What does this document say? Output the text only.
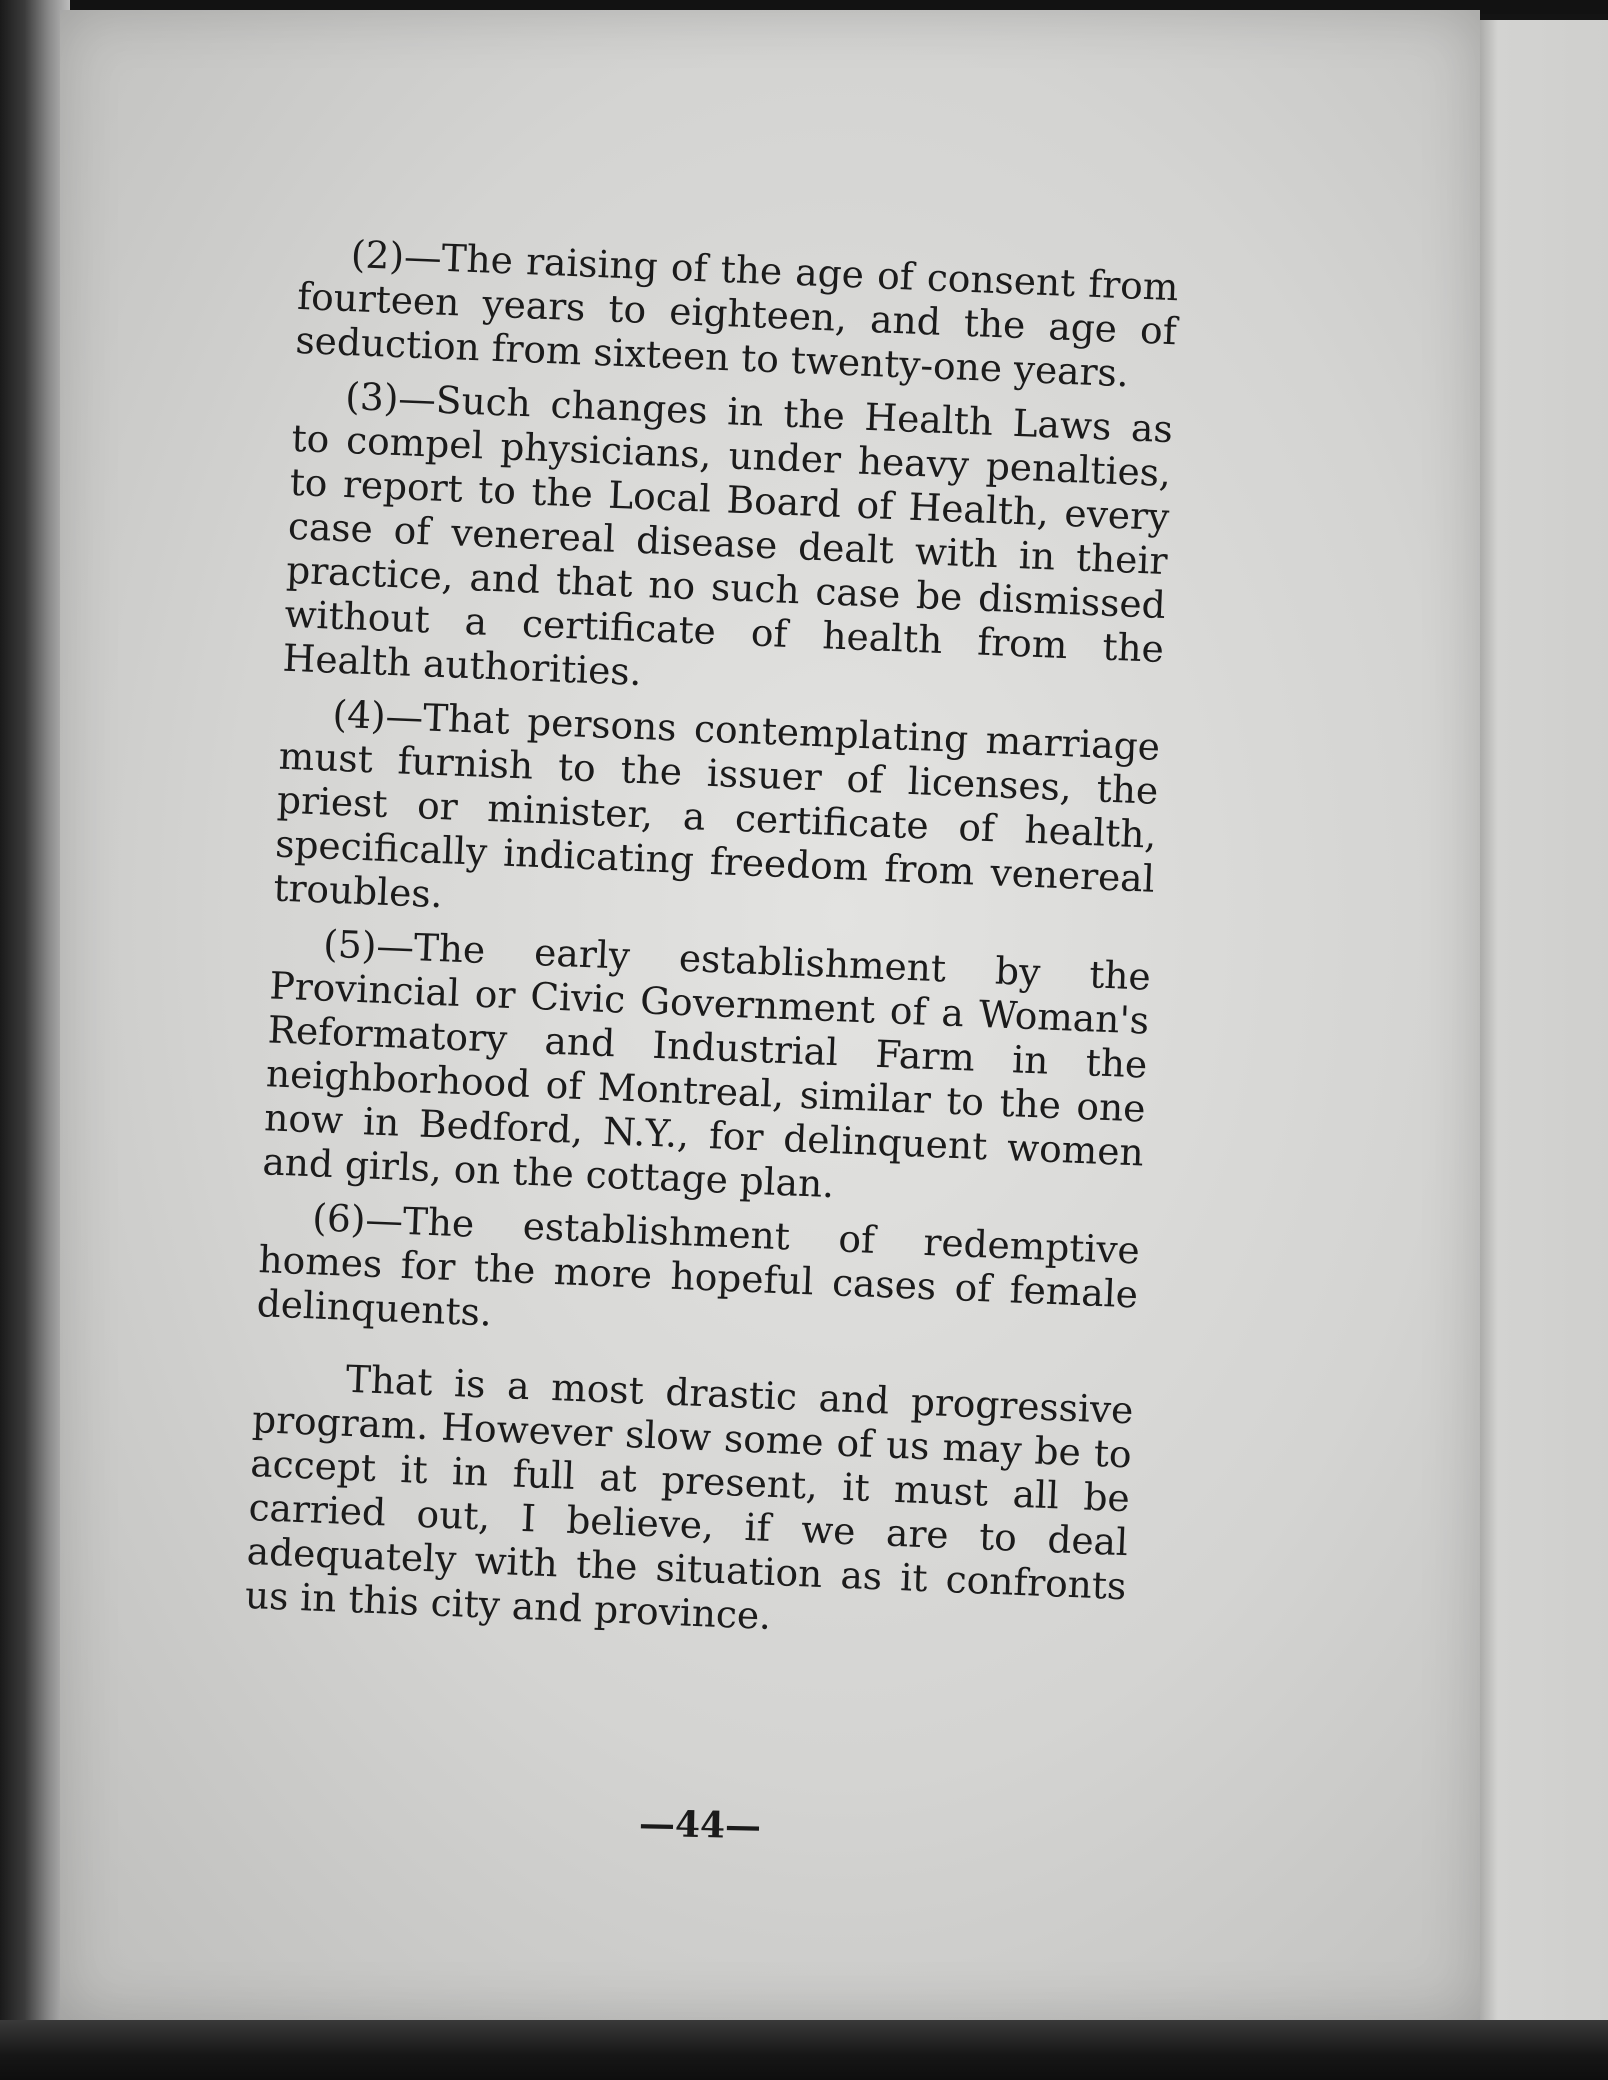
(2)—The raising of the age of consent from fourteen years to eighteen, and the age of seduction from sixteen to twenty-one years.

(3)—Such changes in the Health Laws as to compel physicians, under heavy penalties, to report to the Local Board of Health, every case of venereal disease dealt with in their practice, and that no such case be dismissed without a certificate of health from the Health authorities.

(4)—That persons contemplating marriage must furnish to the issuer of licenses, the priest or minister, a certificate of health, specifically indicating freedom from venereal troubles.

(5)—The early establishment by the Provincial or Civic Government of a Woman's Reformatory and Industrial Farm in the neighborhood of Montreal, similar to the one now in Bedford, N.Y., for delinquent women and girls, on the cottage plan.

(6)—The establishment of redemptive homes for the more hopeful cases of female delinquents.

That is a most drastic and progressive program. However slow some of us may be to accept it in full at present, it must all be carried out, I believe, if we are to deal adequately with the situation as it confronts us in this city and province.

—44—
